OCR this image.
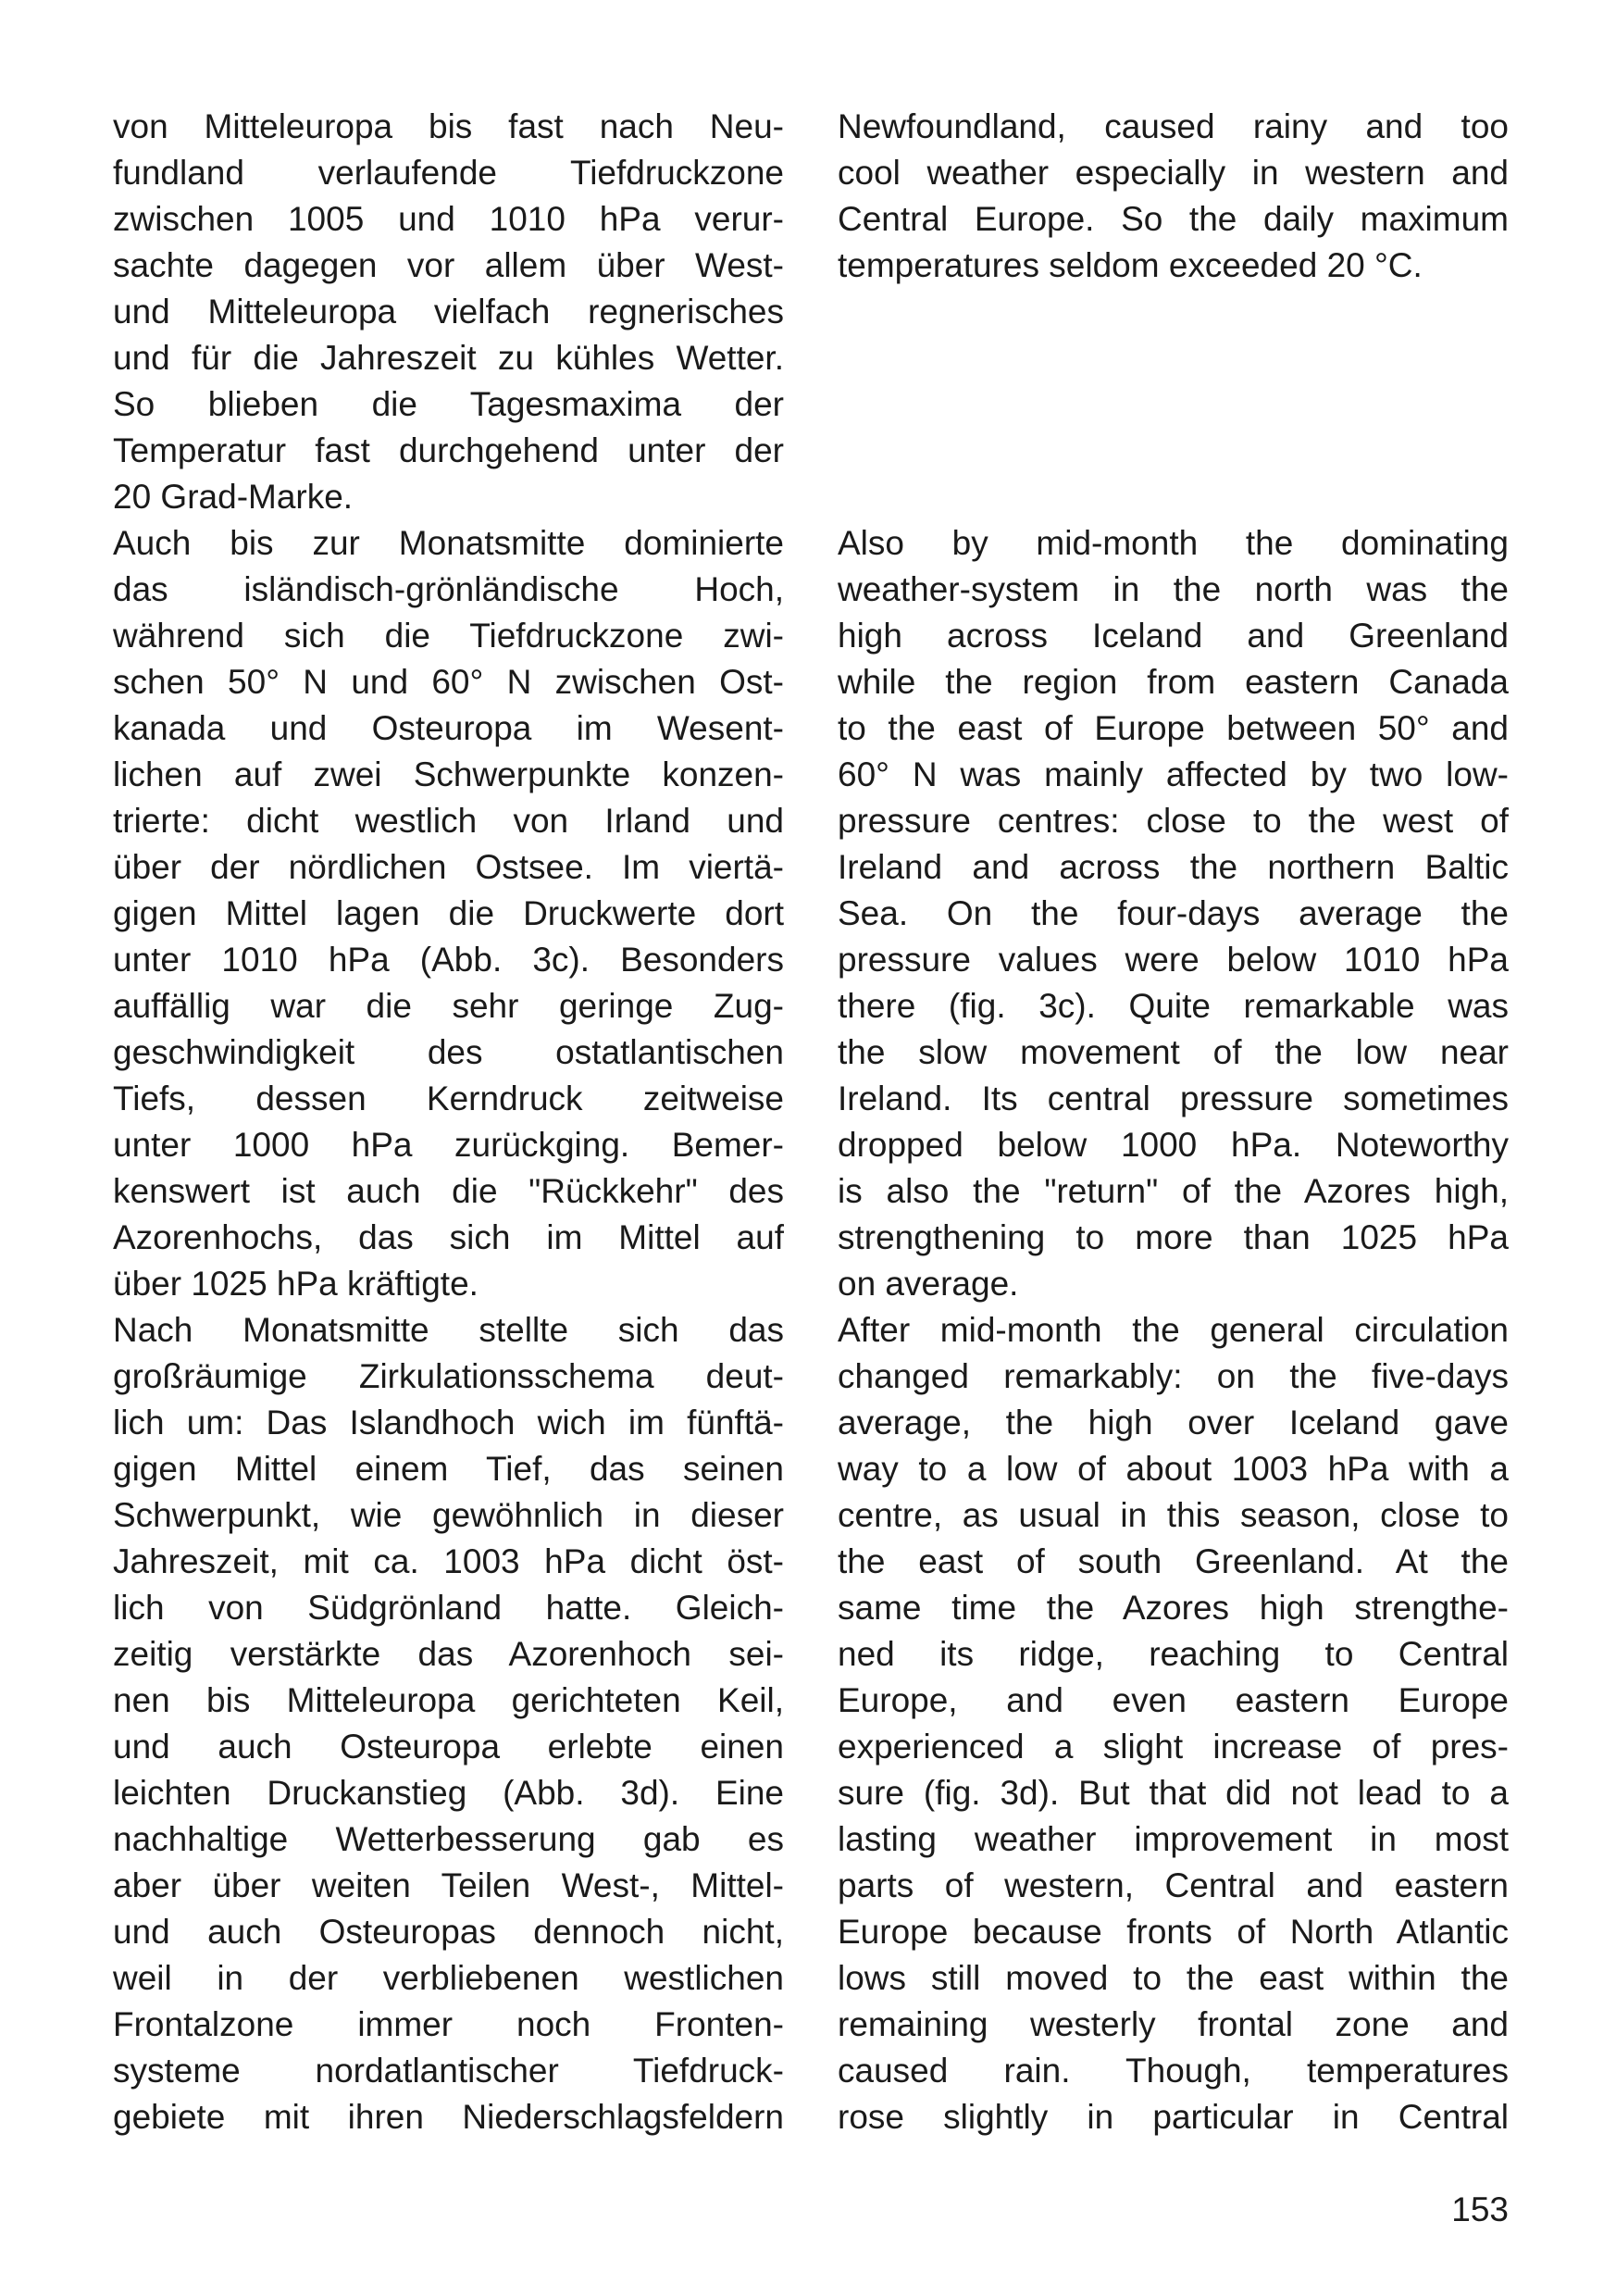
von Mitteleuropa bis fast nach Neu-
fundland verlaufende Tiefdruckzone
zwischen 1005 und 1010 hPa verur-
sachte dagegen vor allem über West-
und Mitteleuropa vielfach regnerisches
und für die Jahreszeit zu kühles Wetter.
So blieben die Tagesmaxima der
Temperatur fast durchgehend unter der
20 Grad-Marke.

Auch bis zur Monatsmitte dominierte
das isländisch-grönländische Hoch,
während sich die Tiefdruckzone zwi-
schen 50° N und 60° N zwischen Ost-
kanada und Osteuropa im Wesent-
lichen auf zwei Schwerpunkte konzen-
trierte: dicht westlich von Irland und
über der nördlichen Ostsee. Im viertä-
gigen Mittel lagen die Druckwerte dort
unter 1010 hPa (Abb. 3c). Besonders
auffällig war die sehr geringe Zug-
geschwindigkeit des ostatlantischen
Tiefs, dessen Kerndruck zeitweise
unter 1000 hPa zurückging. Bemer-
kenswert ist auch die "Rückkehr" des
Azorenhochs, das sich im Mittel auf
über 1025 hPa kräftigte.

Nach Monatsmitte stellte sich das
großräumige Zirkulationsschema deut-
lich um: Das Islandhoch wich im fünftä-
gigen Mittel einem Tief, das seinen
Schwerpunkt, wie gewöhnlich in dieser
Jahreszeit, mit ca. 1003 hPa dicht öst-
lich von Südgrönland hatte. Gleich-
zeitig verstärkte das Azorenhoch sei-
nen bis Mitteleuropa gerichteten Keil,
und auch Osteuropa erlebte einen
leichten Druckanstieg (Abb. 3d). Eine
nachhaltige Wetterbesserung gab es
aber über weiten Teilen West-, Mittel-
und auch Osteuropas dennoch nicht,
weil in der verbliebenen westlichen
Frontalzone immer noch Fronten-
systeme nordatlantischer Tiefdruck-
gebiete mit ihren Niederschlagsfeldern

Newfoundland, caused rainy and too
cool weather especially in western and
Central Europe. So the daily maximum
temperatures seldom exceeded 20 °C.

Also by mid-month the dominating
weather-system in the north was the
high across Iceland and Greenland
while the region from eastern Canada
to the east of Europe between 50° and
60° N was mainly affected by two low-
pressure centres: close to the west of
Ireland and across the northern Baltic
Sea. On the four-days average the
pressure values were below 1010 hPa
there (fig. 3c). Quite remarkable was
the slow movement of the low near
Ireland. Its central pressure sometimes
dropped below 1000 hPa. Noteworthy
is also the "return" of the Azores high,
strengthening to more than 1025 hPa
on average.

After mid-month the general circulation
changed remarkably: on the five-days
average, the high over Iceland gave
way to a low of about 1003 hPa with a
centre, as usual in this season, close to
the east of south Greenland. At the
same time the Azores high strengthe-
ned its ridge, reaching to Central
Europe, and even eastern Europe
experienced a slight increase of pres-
sure (fig. 3d). But that did not lead to a
lasting weather improvement in most
parts of western, Central and eastern
Europe because fronts of North Atlantic
lows still moved to the east within the
remaining westerly frontal zone and
caused rain. Though, temperatures
rose slightly in particular in Central

153
